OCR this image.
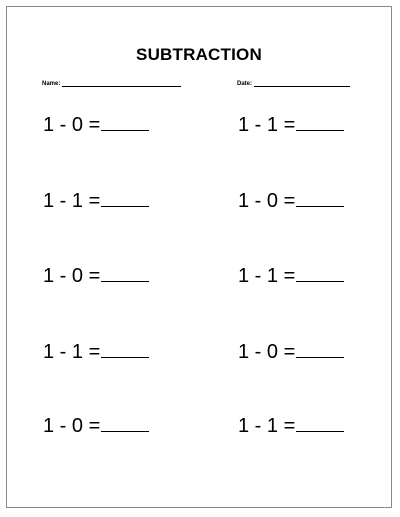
SUBTRACTION
Name:	Date:
1 - 0 =	1 - 1 =
1 - 1 =	1 - 0 =
1 - 0 =	1 - 1 =
1 - 1 =	1 - 0 =
1 - 0 =	1 - 1 =
